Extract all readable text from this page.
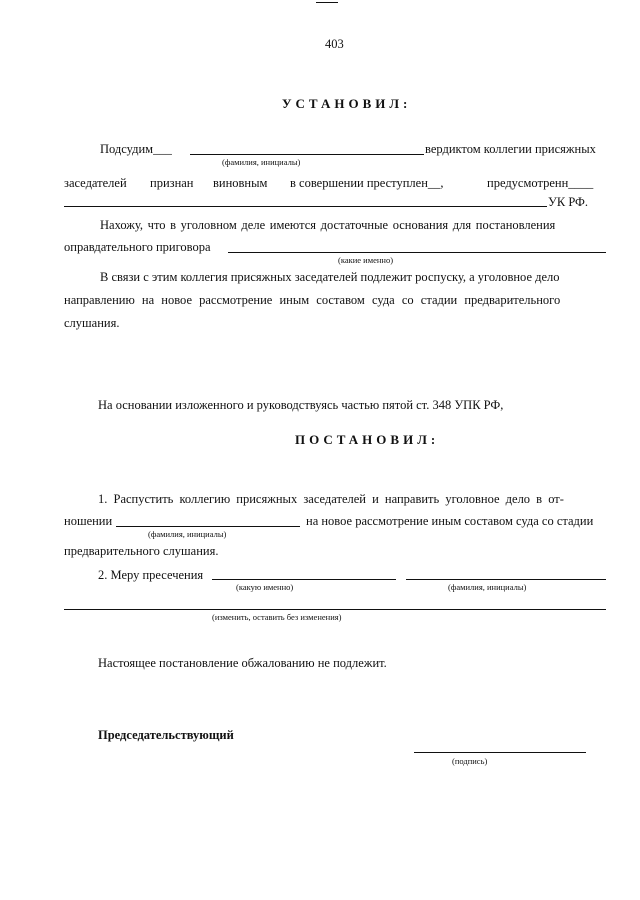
403
УСТАНОВИЛ:
Подсудим___	вердиктом коллегии присяжных
(фамилия, инициалы)
заседателей признан виновным в совершении преступлен__,	предусмотренн____
УК РФ.
Нахожу, что в уголовном деле имеются достаточные основания для постановления
оправдательного приговора
(какие именно)
В связи с этим коллегия присяжных заседателей подлежит роспуску, а уголовное дело
направлению на новое рассмотрение иным составом суда со стадии предварительного
слушания.
На основании изложенного и руководствуясь частью пятой ст. 348 УПК РФ,
ПОСТАНОВИЛ:
1. Распустить коллегию присяжных заседателей и направить уголовное дело в от-
ношении	на новое рассмотрение иным составом суда со стадии
(фамилия, инициалы)
предварительного слушания.
2. Меру пресечения
(какую именно)	(фамилия, инициалы)
(изменить, оставить без изменения)
Настоящее постановление обжалованию не подлежит.
Председательствующий
(подпись)
